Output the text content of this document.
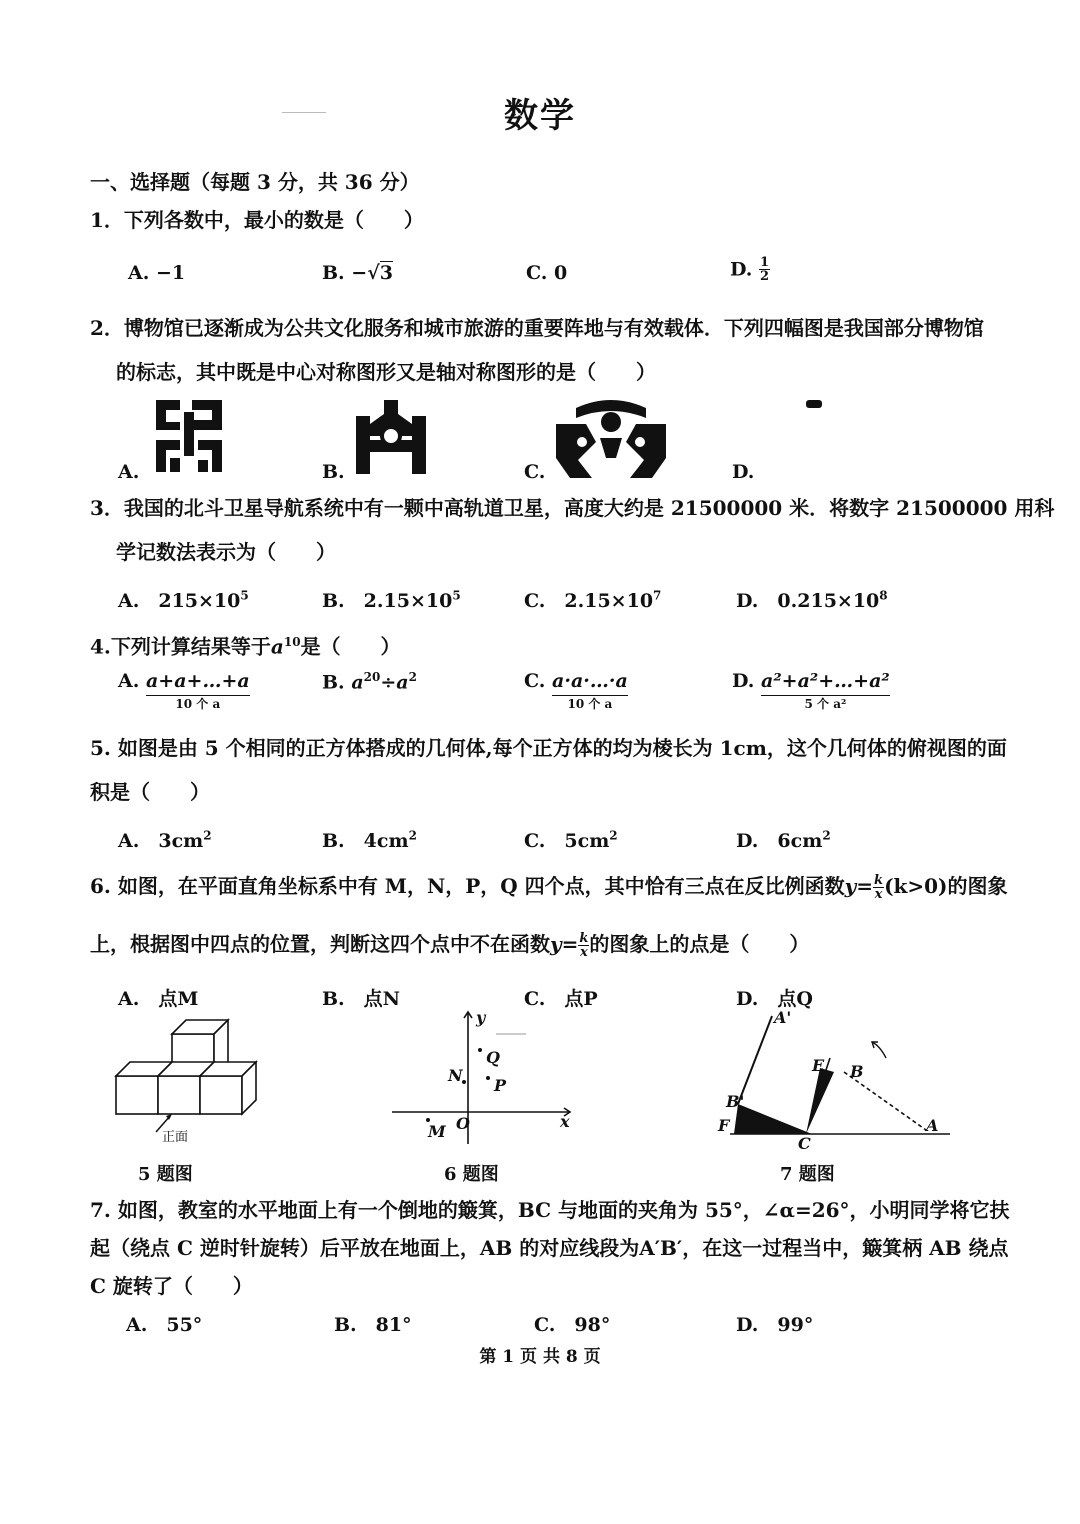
数学
一、选择题（每题 3 分，共 36 分）
1．下列各数中，最小的数是（　　）
A. −1	B. −√3	C. 0	D. $\frac{1}{2}$
2．博物馆已逐渐成为公共文化服务和城市旅游的重要阵地与有效载体．下列四幅图是我国部分博物馆
的标志，其中既是中心对称图形又是轴对称图形的是（　　）
A.	B.	C.	D.
3．我国的北斗卫星导航系统中有一颗中高轨道卫星，高度大约是 21500000 米．将数字 21500000 用科
学记数法表示为（　　）
A.　$215\times 10^5$	B.　$2.15\times 10^5$	C.　$2.15\times 10^7$	D.　$0.215\times 10^8$
4.下列计算结果等于$a^{10}$是（　　）
A. a+a+…+a
10 个 a
B. $a^{20}\div a^2$	C. a·a·…·a
10 个 a
D. a²+a²+…+a²
5 个 a²
5. 如图是由 5 个相同的正方体搭成的几何体,每个正方体的均为棱长为 1cm，这个几何体的俯视图的面
积是（　　）
A.　$3cm^2$	B.　$4cm^2$	C.　$5cm^2$	D.　$6cm^2$
6. 如图，在平面直角坐标系中有 M，N，P，Q 四个点，其中恰有三点在反比例函数$y= \frac{k}{x} (k>0)$的图象
上，根据图中四点的位置，判断这四个点中不在函数$y= \frac{k}{x}$ 的图象上的点是（　　）
A.　点M	B.　点N	C.　点P	D.　点Q
正面
5 题图
y
x
O
M
N
P
Q
6 题图
A'
B'
F
C
E B
A
7 题图
7. 如图，教室的水平地面上有一个倒地的簸箕，BC 与地面的夹角为 55°，∠α=26°，小明同学将它扶
起（绕点 C 逆时针旋转）后平放在地面上，AB 的对应线段为A′B′，在这一过程当中，簸箕柄 AB 绕点
C 旋转了（　　）
A.　55°	B.　81°	C.　98°	D.　99°
第 1 页 共 8 页
